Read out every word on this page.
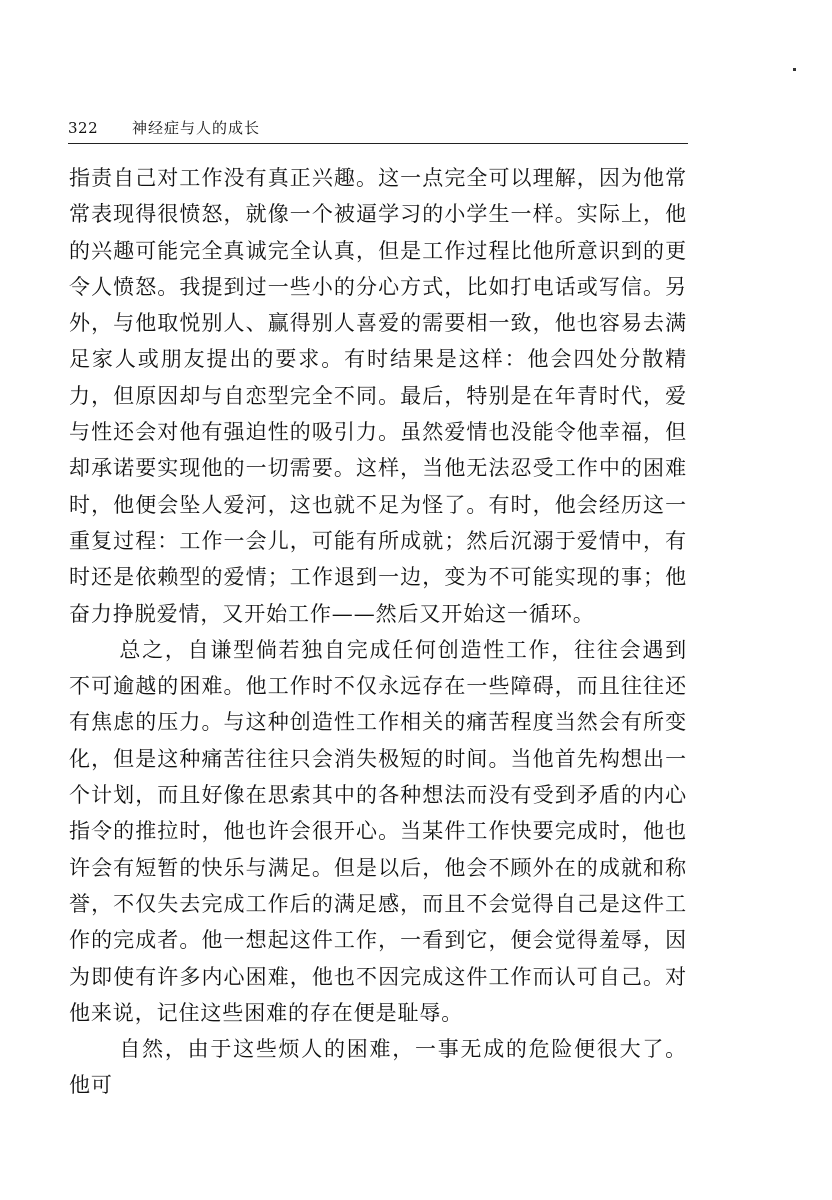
322 神经症与人的成长

指责自己对工作没有真正兴趣。这一点完全可以理解，因为他常常表现得很愤怒，就像一个被逼学习的小学生一样。实际上，他的兴趣可能完全真诚完全认真，但是工作过程比他所意识到的更令人愤怒。我提到过一些小的分心方式，比如打电话或写信。另外，与他取悦别人、赢得别人喜爱的需要相一致，他也容易去满足家人或朋友提出的要求。有时结果是这样：他会四处分散精力，但原因却与自恋型完全不同。最后，特别是在年青时代，爱与性还会对他有强迫性的吸引力。虽然爱情也没能令他幸福，但却承诺要实现他的一切需要。这样，当他无法忍受工作中的困难时，他便会坠人爱河，这也就不足为怪了。有时，他会经历这一重复过程：工作一会儿，可能有所成就；然后沉溺于爱情中，有时还是依赖型的爱情；工作退到一边，变为不可能实现的事；他奋力挣脱爱情，又开始工作——然后又开始这一循环。

总之，自谦型倘若独自完成任何创造性工作，往往会遇到不可逾越的困难。他工作时不仅永远存在一些障碍，而且往往还有焦虑的压力。与这种创造性工作相关的痛苦程度当然会有所变化，但是这种痛苦往往只会消失极短的时间。当他首先构想出一个计划，而且好像在思索其中的各种想法而没有受到矛盾的内心指令的推拉时，他也许会很开心。当某件工作快要完成时，他也许会有短暂的快乐与满足。但是以后，他会不顾外在的成就和称誉，不仅失去完成工作后的满足感，而且不会觉得自己是这件工作的完成者。他一想起这件工作，一看到它，便会觉得羞辱，因为即使有许多内心困难，他也不因完成这件工作而认可自己。对他来说，记住这些困难的存在便是耻辱。

自然，由于这些烦人的困难，一事无成的危险便很大了。他可
